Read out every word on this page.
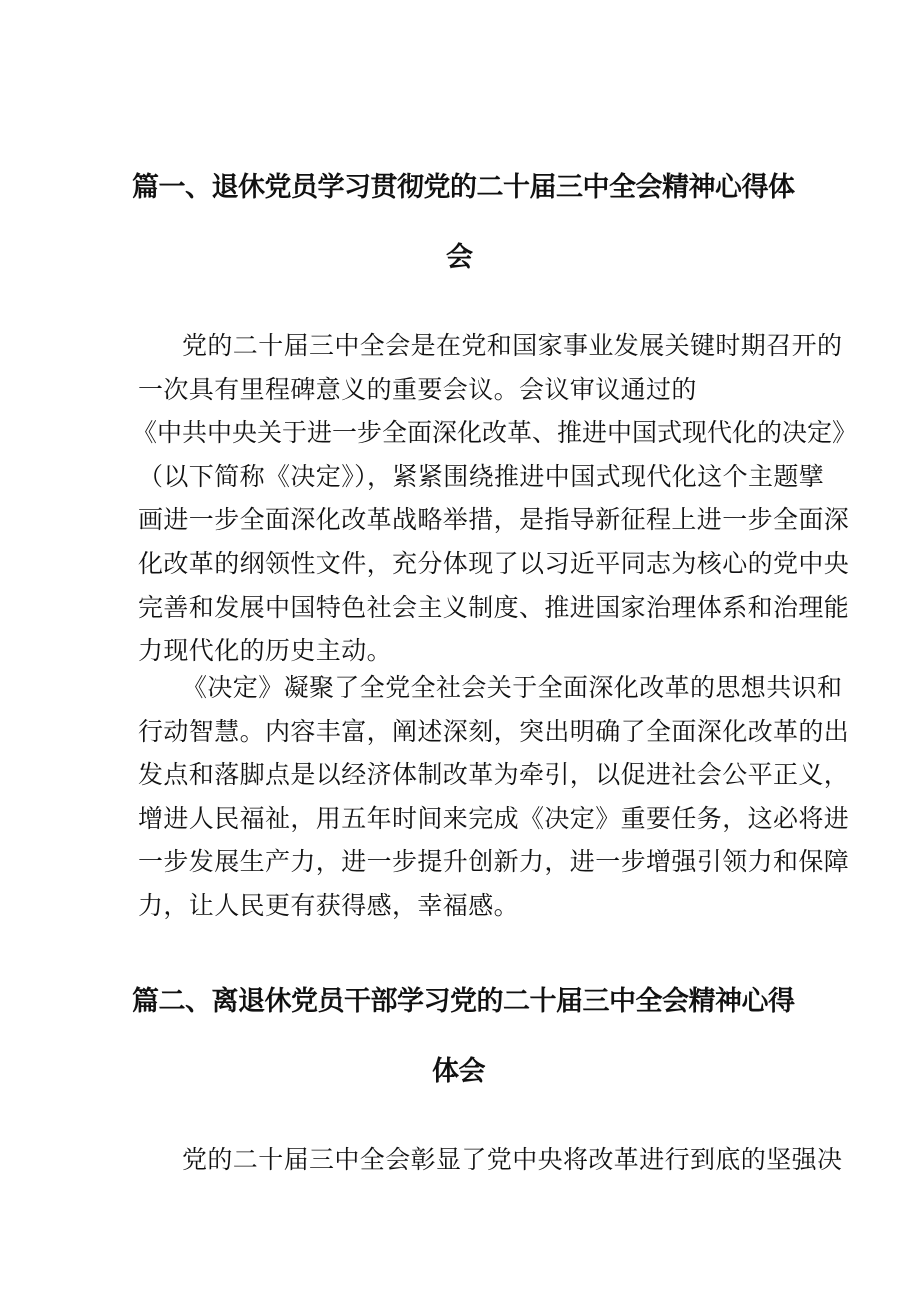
篇一、退休党员学习贯彻党的二十届三中全会精神心得体
会

党的二十届三中全会是在党和国家事业发展关键时期召开的
一次具有里程碑意义的重要会议。会议审议通过的
《中共中央关于进一步全面深化改革、推进中国式现代化的决定》
（以下简称《决定》），紧紧围绕推进中国式现代化这个主题擘
画进一步全面深化改革战略举措，是指导新征程上进一步全面深
化改革的纲领性文件，充分体现了以习近平同志为核心的党中央
完善和发展中国特色社会主义制度、推进国家治理体系和治理能
力现代化的历史主动。

《决定》凝聚了全党全社会关于全面深化改革的思想共识和
行动智慧。内容丰富，阐述深刻，突出明确了全面深化改革的出
发点和落脚点是以经济体制改革为牵引，以促进社会公平正义，
增进人民福祉，用五年时间来完成《决定》重要任务，这必将进
一步发展生产力，进一步提升创新力，进一步增强引领力和保障
力，让人民更有获得感，幸福感。

篇二、离退休党员干部学习党的二十届三中全会精神心得
体会

党的二十届三中全会彰显了党中央将改革进行到底的坚强决
